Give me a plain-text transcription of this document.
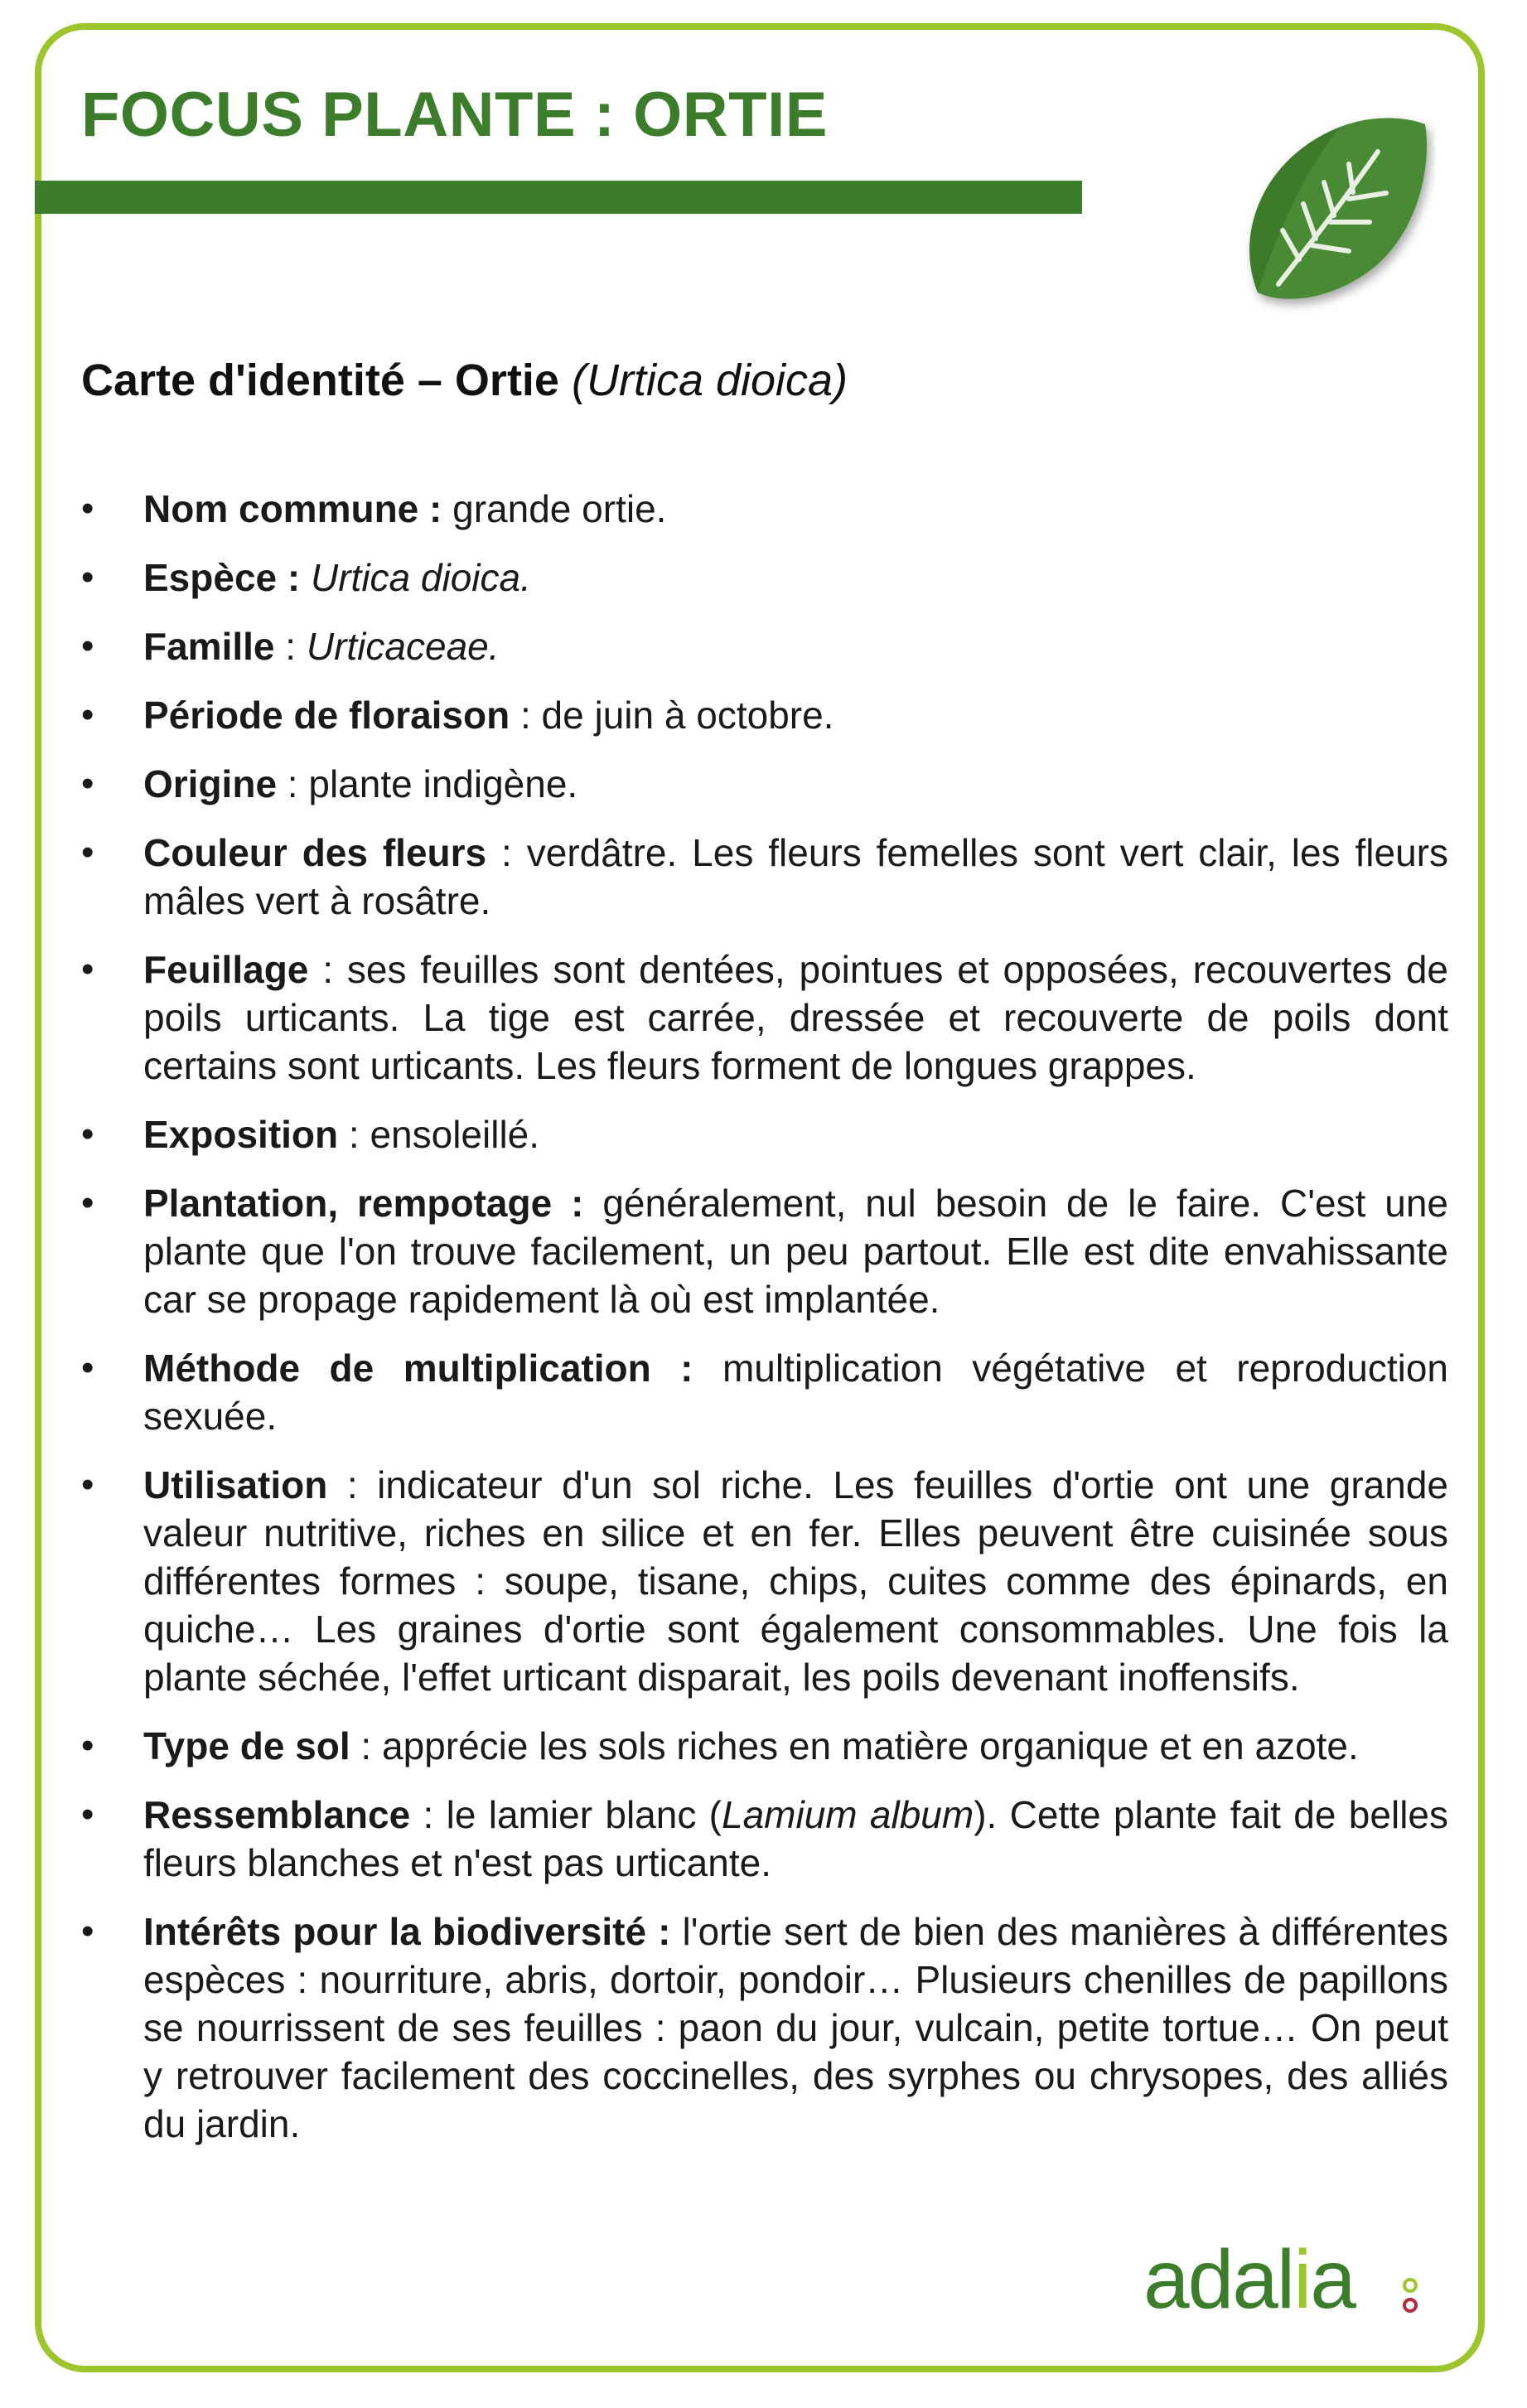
FOCUS PLANTE : ORTIE
Carte d'identité – Ortie (Urtica dioica)
•	Nom commune : grande ortie.
•	Espèce : Urtica dioica.
•	Famille : Urticaceae.
•	Période de floraison : de juin à octobre.
•	Origine : plante indigène.
•	Couleur des fleurs : verdâtre. Les fleurs femelles sont vert clair, les fleurs mâles vert à rosâtre.
•	Feuillage : ses feuilles sont dentées, pointues et opposées, recouvertes de poils urticants. La tige est carrée, dressée et recouverte de poils dont certains sont urticants. Les fleurs forment de longues grappes.
•	Exposition : ensoleillé.
•	Plantation, rempotage : généralement, nul besoin de le faire. C'est une plante que l'on trouve facilement, un peu partout. Elle est dite envahissante car se propage rapidement là où est implantée.
•	Méthode de multiplication : multiplication végétative et reproduction sexuée.
•	Utilisation : indicateur d'un sol riche. Les feuilles d'ortie ont une grande valeur nutritive, riches en silice et en fer. Elles peuvent être cuisinée sous différentes formes : soupe, tisane, chips, cuites comme des épinards, en quiche… Les graines d'ortie sont également consommables. Une fois la plante séchée, l'effet urticant disparait, les poils devenant inoffensifs.
•	Type de sol : apprécie les sols riches en matière organique et en azote.
•	Ressemblance : le lamier blanc (Lamium album). Cette plante fait de belles fleurs blanches et n'est pas urticante.
•	Intérêts pour la biodiversité : l'ortie sert de bien des manières à différentes espèces : nourriture, abris, dortoir, pondoir… Plusieurs chenilles de papillons se nourrissent de ses feuilles : paon du jour, vulcain, petite tortue… On peut y retrouver facilement des coccinelles, des syrphes ou chrysopes, des alliés du jardin.
adalia
